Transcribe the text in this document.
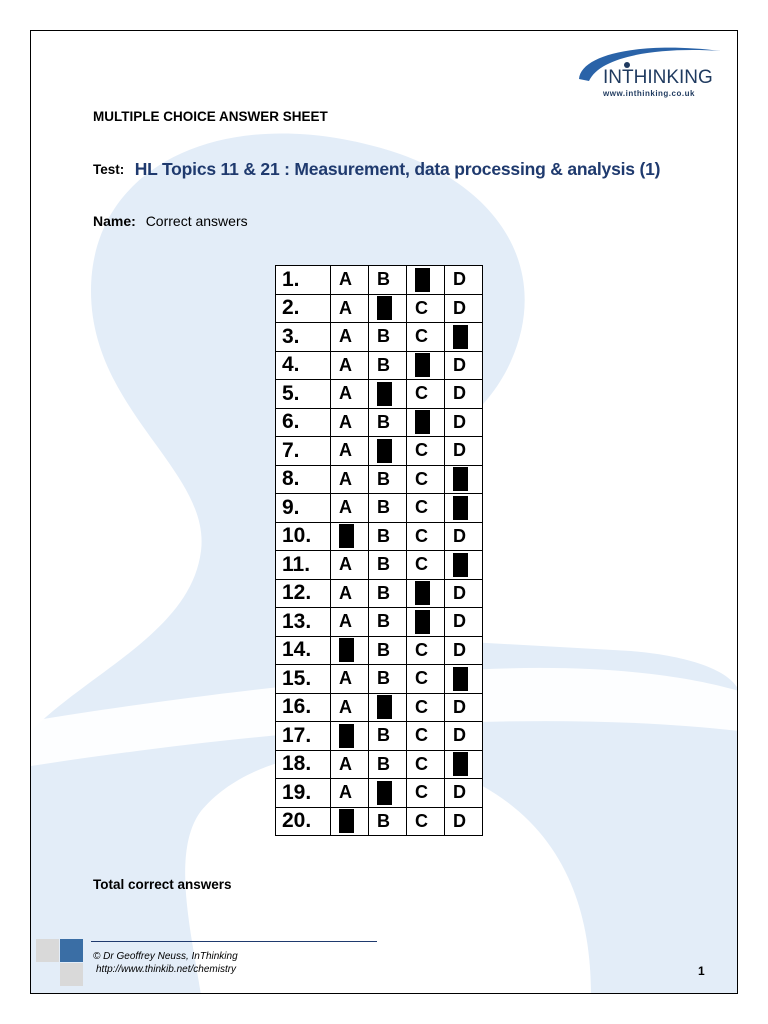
INTHINKING
www.inthinking.co.uk
MULTIPLE CHOICE ANSWER SHEET
Test: HL Topics 11 & 21 : Measurement, data processing & analysis (1)
Name: Correct answers
1.	A	B		D
2.	A		C	D
3.	A	B	C	
4.	A	B		D
5.	A		C	D
6.	A	B		D
7.	A		C	D
8.	A	B	C	
9.	A	B	C	
10.		B	C	D
11.	A	B	C	
12.	A	B		D
13.	A	B		D
14.		B	C	D
15.	A	B	C	
16.	A		C	D
17.		B	C	D
18.	A	B	C	
19.	A		C	D
20.		B	C	D
Total correct answers
© Dr Geoffrey Neuss, InThinking
http://www.thinkib.net/chemistry	1
